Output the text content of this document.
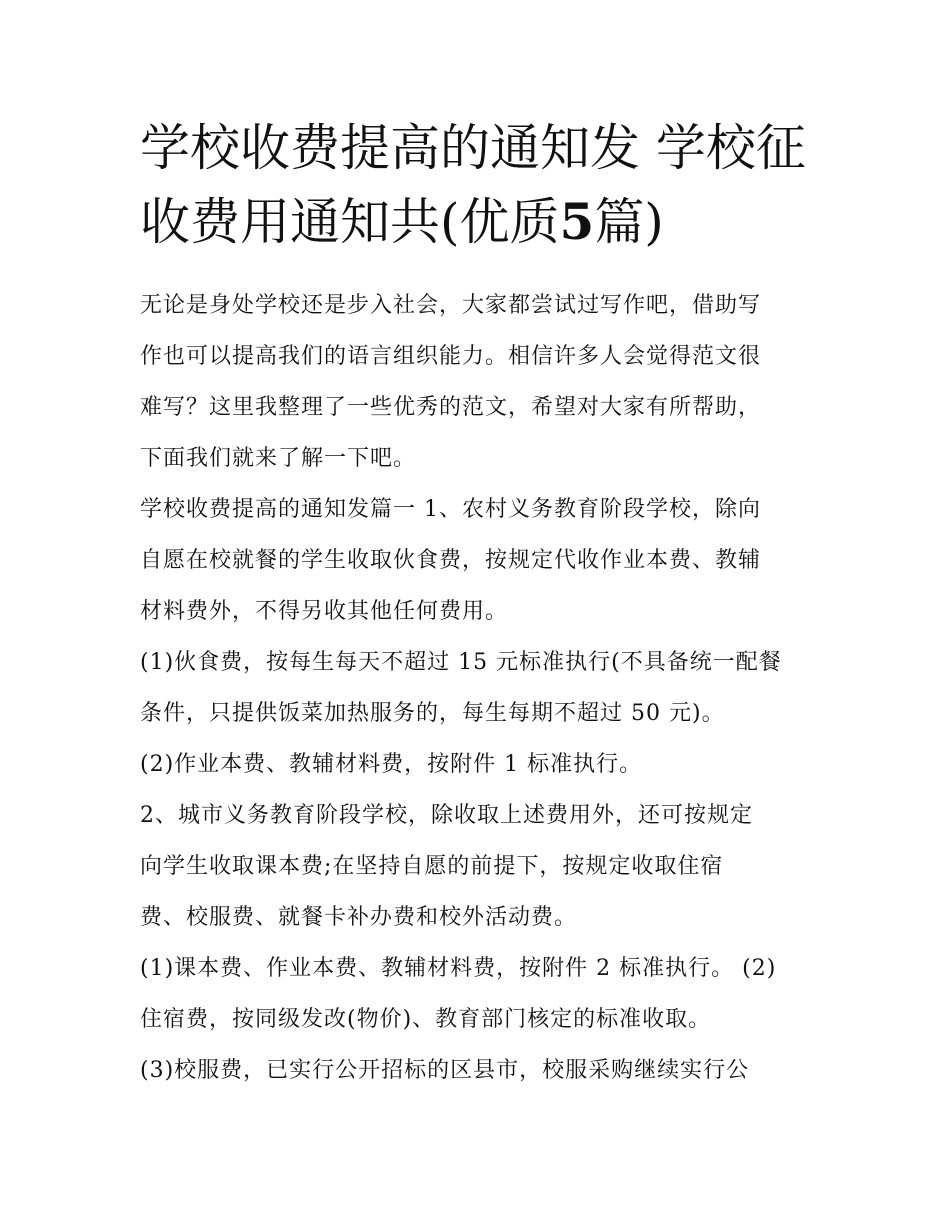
学校收费提高的通知发 学校征
收费用通知共(优质5篇)
无论是身处学校还是步入社会，大家都尝试过写作吧，借助写
作也可以提高我们的语言组织能力。相信许多人会觉得范文很
难写？这里我整理了一些优秀的范文，希望对大家有所帮助，
下面我们就来了解一下吧。
学校收费提高的通知发篇一 1、农村义务教育阶段学校，除向
自愿在校就餐的学生收取伙食费，按规定代收作业本费、教辅
材料费外，不得另收其他任何费用。
(1)伙食费，按每生每天不超过 15 元标准执行(不具备统一配餐
条件，只提供饭菜加热服务的，每生每期不超过 50 元)。
(2)作业本费、教辅材料费，按附件 1 标准执行。
2、城市义务教育阶段学校，除收取上述费用外，还可按规定
向学生收取课本费;在坚持自愿的前提下，按规定收取住宿
费、校服费、就餐卡补办费和校外活动费。
(1)课本费、作业本费、教辅材料费，按附件 2 标准执行。 (2)
住宿费，按同级发改(物价)、教育部门核定的标准收取。
(3)校服费，已实行公开招标的区县市，校服采购继续实行公
